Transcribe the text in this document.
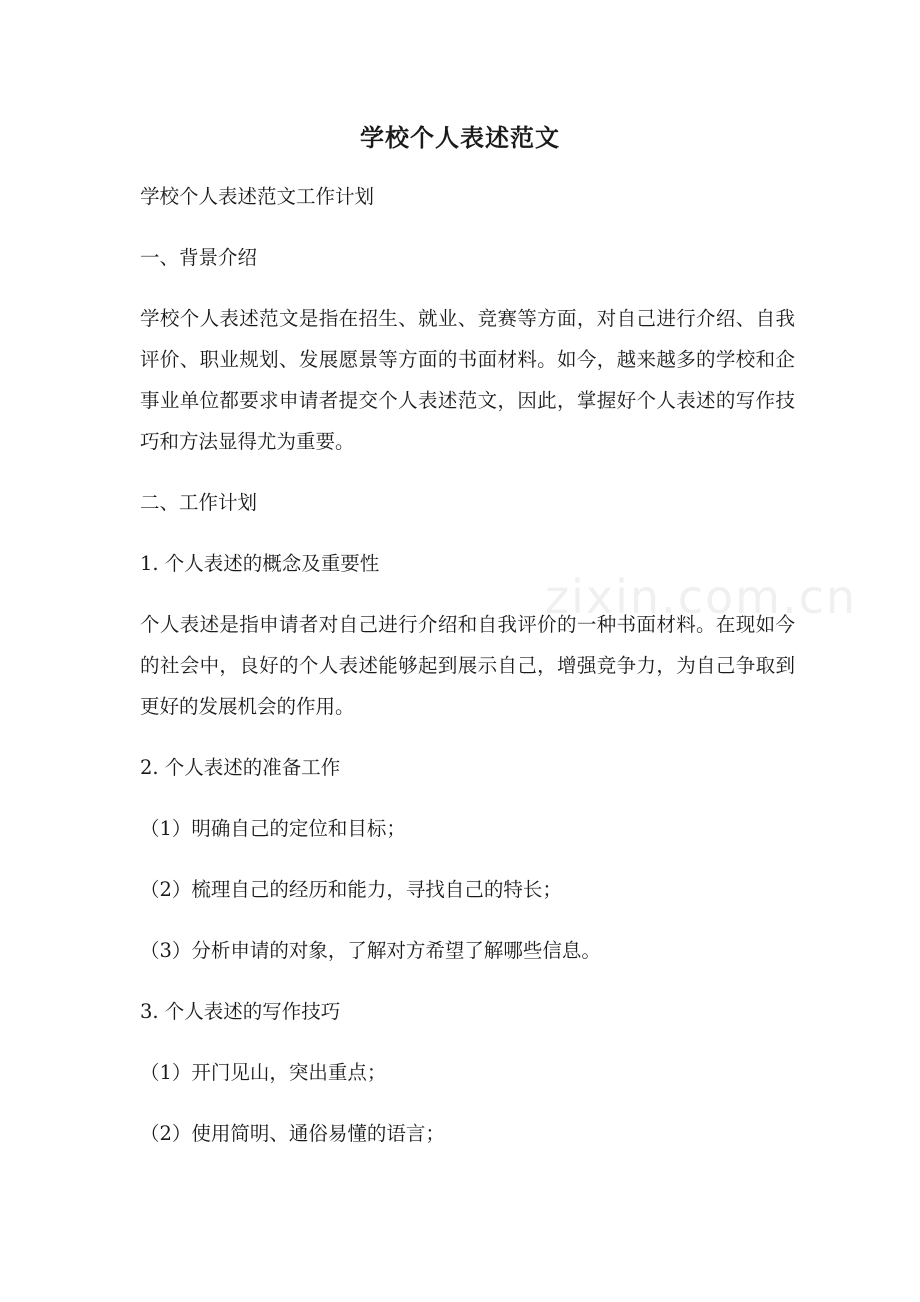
zixin.com.cn
学校个人表述范文

学校个人表述范文工作计划

一、背景介绍

学校个人表述范文是指在招生、就业、竞赛等方面，对自己进行介绍、自我评价、职业规划、发展愿景等方面的书面材料。如今，越来越多的学校和企事业单位都要求申请者提交个人表述范文，因此，掌握好个人表述的写作技巧和方法显得尤为重要。

二、工作计划

1. 个人表述的概念及重要性

个人表述是指申请者对自己进行介绍和自我评价的一种书面材料。在现如今的社会中，良好的个人表述能够起到展示自己，增强竞争力，为自己争取到更好的发展机会的作用。

2. 个人表述的准备工作

（1）明确自己的定位和目标；

（2）梳理自己的经历和能力，寻找自己的特长；

（3）分析申请的对象，了解对方希望了解哪些信息。

3. 个人表述的写作技巧

（1）开门见山，突出重点；

（2）使用简明、通俗易懂的语言；
